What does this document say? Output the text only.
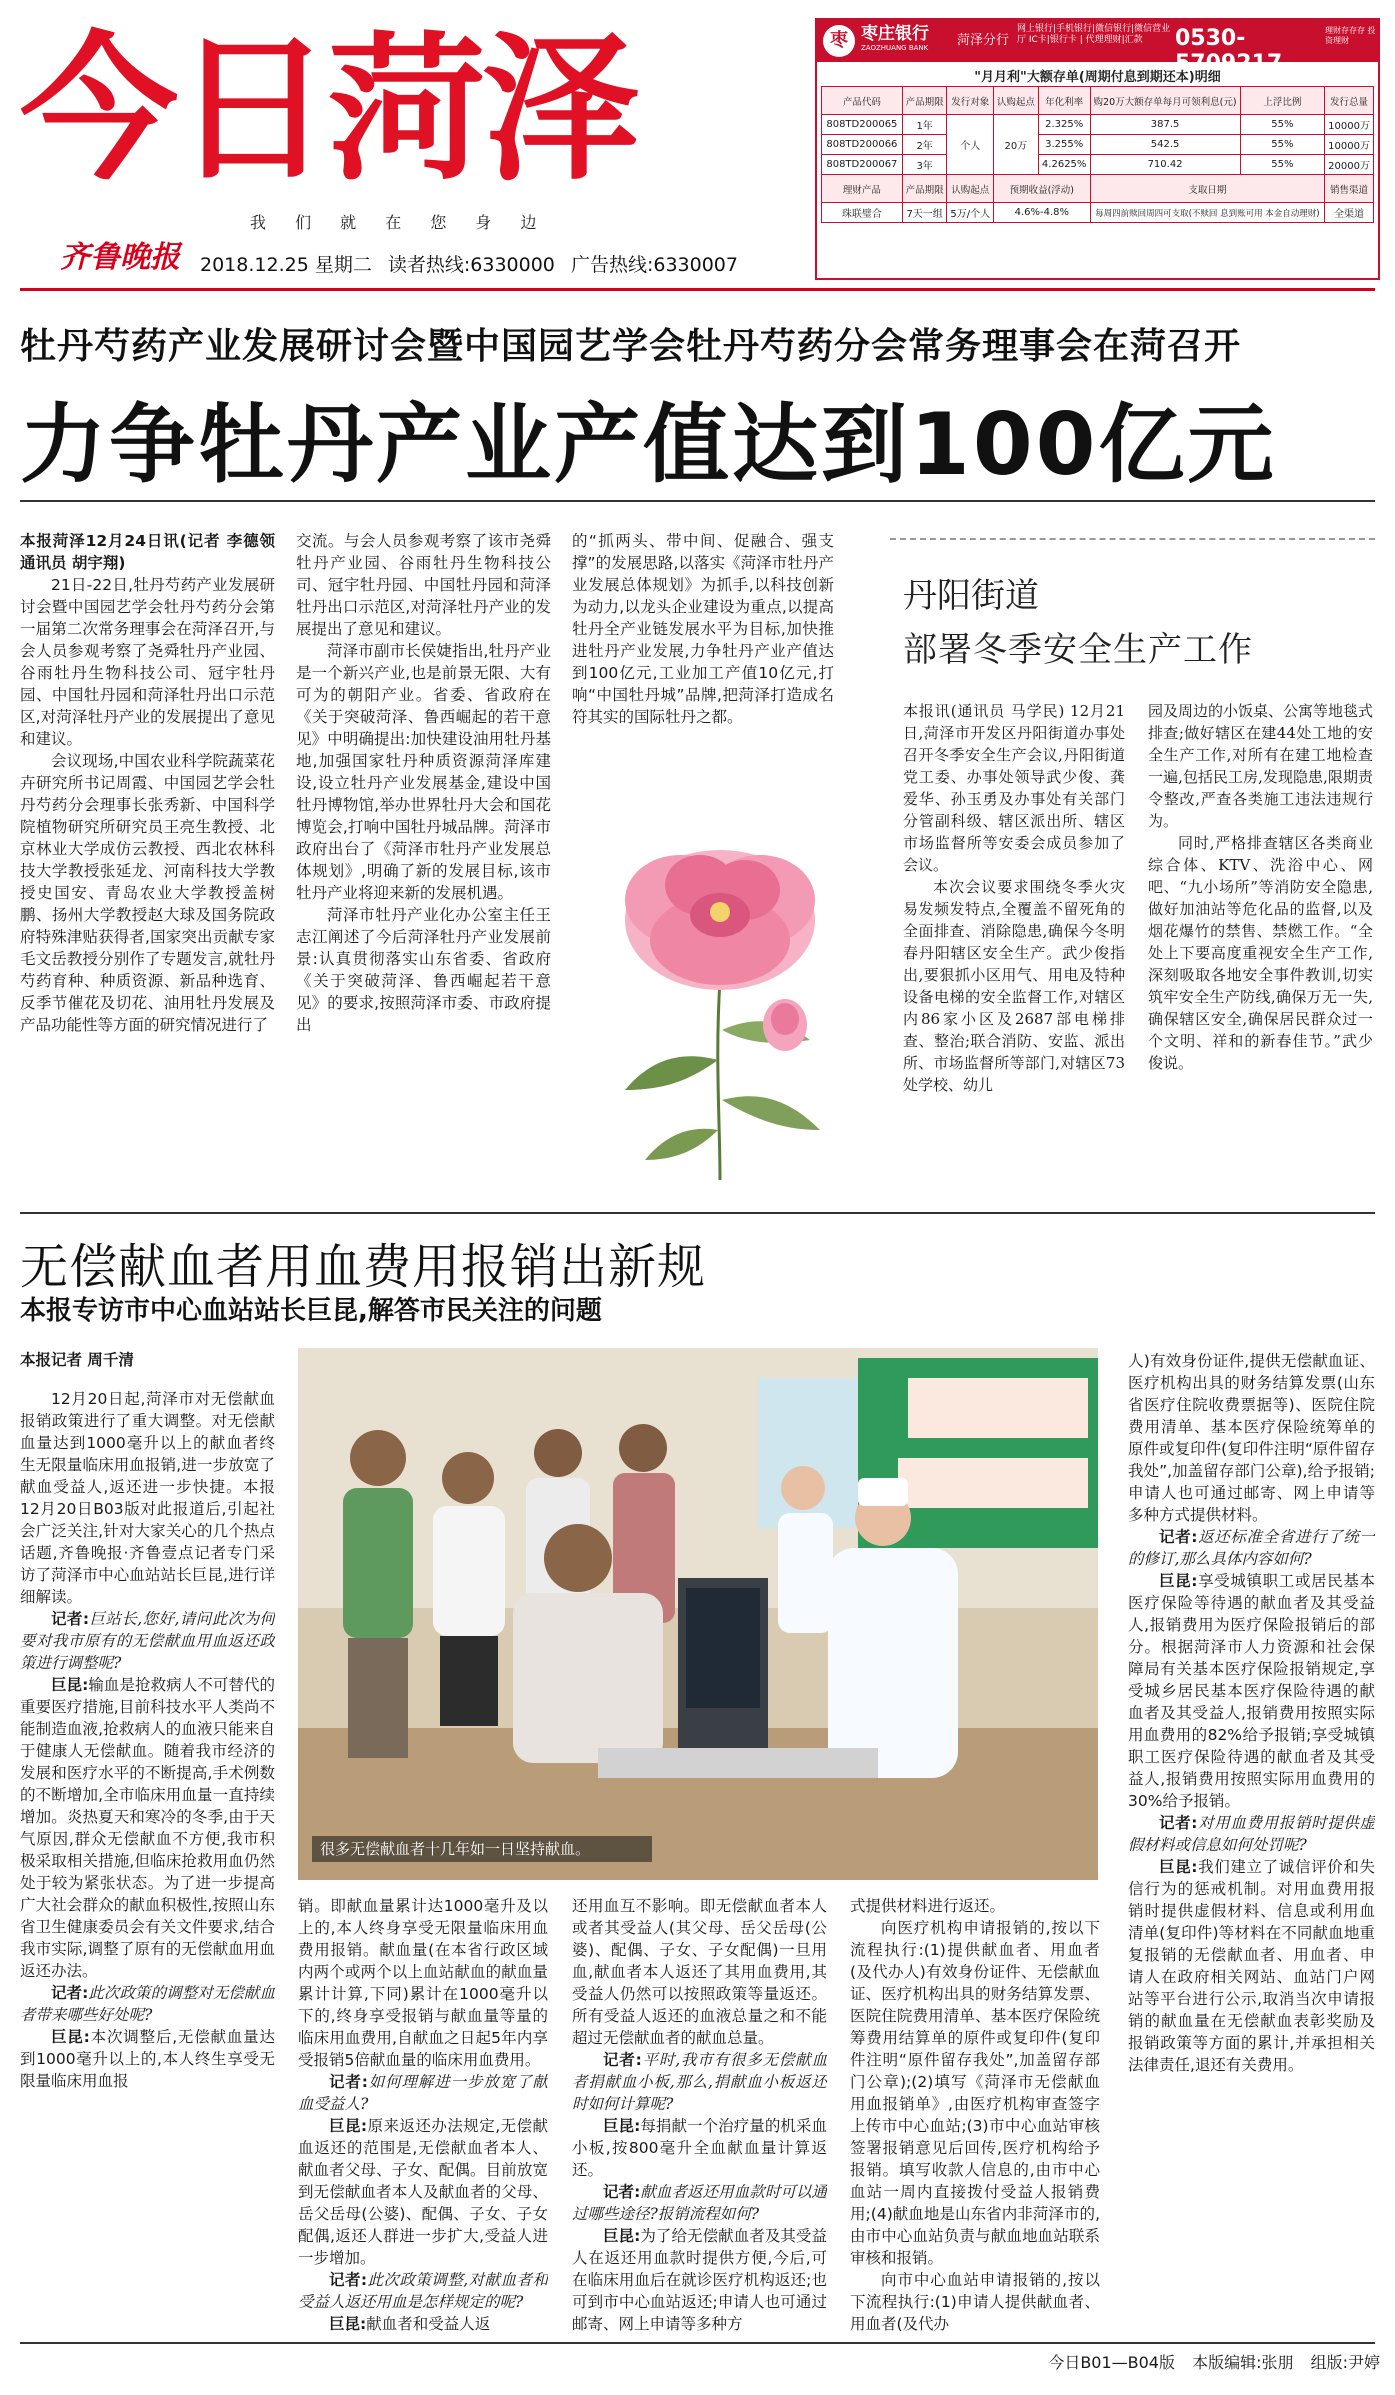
今日菏泽
我 们 就 在 您 身 边
齐鲁晚报	2018.12.25 星期二 读者热线:6330000 广告热线:6330007
枣 枣庄银行
ZAOZHUANG BANK	菏泽分行
网上银行|手机银行|微信银行|微信营业厅 IC卡|银行卡 | 代理理财|汇款	0530-5709217
理财存存存 投资理财
"月月利"大额存单(周期付息到期还本)明细
产品代码	产品期限	发行对象	认购起点	年化利率	购20万大额存单每月可领利息(元)	上浮比例	发行总量
808TD200065	1年	个人	20万	2.325%	387.5	55%	10000万
808TD200066	2年			3.255%	542.5	55%	10000万
808TD200067	3年			4.2625%	710.42	55%	20000万
理财产品	产品期限	认购起点	预期收益(浮动)		支取日期		销售渠道
珠联璧合	7天一组	5万/个人	4.6%-4.8%		每周四前赎回周四可支取(不赎回 息到账可用 本金自动理财)		全渠道
牡丹芍药产业发展研讨会暨中国园艺学会牡丹芍药分会常务理事会在菏召开
力争牡丹产业产值达到100亿元

本报菏泽12月24日讯(记者 李德领 通讯员 胡宇翔)

21日-22日,牡丹芍药产业发展研讨会暨中国园艺学会牡丹芍药分会第一届第二次常务理事会在菏泽召开,与会人员参观考察了尧舜牡丹产业园、谷雨牡丹生物科技公司、冠宇牡丹园、中国牡丹园和菏泽牡丹出口示范区,对菏泽牡丹产业的发展提出了意见和建议。

会议现场,中国农业科学院蔬菜花卉研究所书记周霞、中国园艺学会牡丹芍药分会理事长张秀新、中国科学院植物研究所研究员王亮生教授、北京林业大学成仿云教授、西北农林科技大学教授张延龙、河南科技大学教授史国安、青岛农业大学教授盖树鹏、扬州大学教授赵大球及国务院政府特殊津贴获得者,国家突出贡献专家毛文岳教授分别作了专题发言,就牡丹芍药育种、种质资源、新品种选育、反季节催花及切花、油用牡丹发展及产品功能性等方面的研究情况进行了

交流。与会人员参观考察了该市尧舜牡丹产业园、谷雨牡丹生物科技公司、冠宇牡丹园、中国牡丹园和菏泽牡丹出口示范区,对菏泽牡丹产业的发展提出了意见和建议。

菏泽市副市长侯婕指出,牡丹产业是一个新兴产业,也是前景无限、大有可为的朝阳产业。省委、省政府在《关于突破菏泽、鲁西崛起的若干意见》中明确提出:加快建设油用牡丹基地,加强国家牡丹种质资源菏泽库建设,设立牡丹产业发展基金,建设中国牡丹博物馆,举办世界牡丹大会和国花博览会,打响中国牡丹城品牌。菏泽市政府出台了《菏泽市牡丹产业发展总体规划》,明确了新的发展目标,该市牡丹产业将迎来新的发展机遇。

菏泽市牡丹产业化办公室主任王志江阐述了今后菏泽牡丹产业发展前景:认真贯彻落实山东省委、省政府《关于突破菏泽、鲁西崛起若干意见》的要求,按照菏泽市委、市政府提出

的“抓两头、带中间、促融合、强支撑”的发展思路,以落实《菏泽市牡丹产业发展总体规划》为抓手,以科技创新为动力,以龙头企业建设为重点,以提高牡丹全产业链发展水平为目标,加快推进牡丹产业发展,力争牡丹产业产值达到100亿元,工业加工产值10亿元,打响“中国牡丹城”品牌,把菏泽打造成名符其实的国际牡丹之都。

丹阳街道
部署冬季安全生产工作

本报讯(通讯员 马学民) 12月21日,菏泽市开发区丹阳街道办事处召开冬季安全生产会议,丹阳街道党工委、办事处领导武少俊、龚爱华、孙玉勇及办事处有关部门分管副科级、辖区派出所、辖区市场监督所等安委会成员参加了会议。

本次会议要求围绕冬季火灾易发频发特点,全覆盖不留死角的全面排查、消除隐患,确保今冬明春丹阳辖区安全生产。武少俊指出,要狠抓小区用气、用电及特种设备电梯的安全监督工作,对辖区内86家小区及2687部电梯排查、整治;联合消防、安监、派出所、市场监督所等部门,对辖区73处学校、幼儿

园及周边的小饭桌、公寓等地毯式排查;做好辖区在建44处工地的安全生产工作,对所有在建工地检查一遍,包括民工房,发现隐患,限期责令整改,严查各类施工违法违规行为。

同时,严格排查辖区各类商业综合体、KTV、洗浴中心、网吧、“九小场所”等消防安全隐患,做好加油站等危化品的监督,以及烟花爆竹的禁售、禁燃工作。“全处上下要高度重视安全生产工作,深刻吸取各地安全事件教训,切实筑牢安全生产防线,确保万无一失,确保辖区安全,确保居民群众过一个文明、祥和的新春佳节。”武少俊说。

无偿献血者用血费用报销出新规
本报专访市中心血站站长巨昆,解答市民关注的问题
本报记者 周千清
很多无偿献血者十几年如一日坚持献血。

12月20日起,菏泽市对无偿献血报销政策进行了重大调整。对无偿献血量达到1000毫升以上的献血者终生无限量临床用血报销,进一步放宽了献血受益人,返还进一步快捷。本报12月20日B03版对此报道后,引起社会广泛关注,针对大家关心的几个热点话题,齐鲁晚报·齐鲁壹点记者专门采访了菏泽市中心血站站长巨昆,进行详细解读。

记者:巨站长,您好,请问此次为何要对我市原有的无偿献血用血返还政策进行调整呢?

巨昆:输血是抢救病人不可替代的重要医疗措施,目前科技水平人类尚不能制造血液,抢救病人的血液只能来自于健康人无偿献血。随着我市经济的发展和医疗水平的不断提高,手术例数的不断增加,全市临床用血量一直持续增加。炎热夏天和寒冷的冬季,由于天气原因,群众无偿献血不方便,我市积极采取相关措施,但临床抢救用血仍然处于较为紧张状态。为了进一步提高广大社会群众的献血积极性,按照山东省卫生健康委员会有关文件要求,结合我市实际,调整了原有的无偿献血用血返还办法。

记者:此次政策的调整对无偿献血者带来哪些好处呢?

巨昆:本次调整后,无偿献血量达到1000毫升以上的,本人终生享受无限量临床用血报

销。即献血量累计达1000毫升及以上的,本人终身享受无限量临床用血费用报销。献血量(在本省行政区域内两个或两个以上血站献血的献血量累计计算,下同)累计在1000毫升以下的,终身享受报销与献血量等量的临床用血费用,自献血之日起5年内享受报销5倍献血量的临床用血费用。

记者:如何理解进一步放宽了献血受益人?

巨昆:原来返还办法规定,无偿献血返还的范围是,无偿献血者本人、献血者父母、子女、配偶。目前放宽到无偿献血者本人及献血者的父母、岳父岳母(公婆)、配偶、子女、子女配偶,返还人群进一步扩大,受益人进一步增加。

记者:此次政策调整,对献血者和受益人返还用血是怎样规定的呢?

巨昆:献血者和受益人返

还用血互不影响。即无偿献血者本人或者其受益人(其父母、岳父岳母(公婆)、配偶、子女、子女配偶)一旦用血,献血者本人返还了其用血费用,其受益人仍然可以按照政策等量返还。所有受益人返还的血液总量之和不能超过无偿献血者的献血总量。

记者:平时,我市有很多无偿献血者捐献血小板,那么,捐献血小板返还时如何计算呢?

巨昆:每捐献一个治疗量的机采血小板,按800毫升全血献血量计算返还。

记者:献血者返还用血款时可以通过哪些途径?报销流程如何?

巨昆:为了给无偿献血者及其受益人在返还用血款时提供方便,今后,可在临床用血后在就诊医疗机构返还;也可到市中心血站返还;申请人也可通过邮寄、网上申请等多种方

式提供材料进行返还。

向医疗机构申请报销的,按以下流程执行:(1)提供献血者、用血者(及代办人)有效身份证件、无偿献血证、医疗机构出具的财务结算发票、医院住院费用清单、基本医疗保险统筹费用结算单的原件或复印件(复印件注明“原件留存我处”,加盖留存部门公章);(2)填写《菏泽市无偿献血用血报销单》,由医疗机构审查签字上传市中心血站;(3)市中心血站审核签署报销意见后回传,医疗机构给予报销。填写收款人信息的,由市中心血站一周内直接拨付受益人报销费用;(4)献血地是山东省内非菏泽市的,由市中心血站负责与献血地血站联系审核和报销。

向市中心血站申请报销的,按以下流程执行:(1)申请人提供献血者、用血者(及代办

人)有效身份证件,提供无偿献血证、医疗机构出具的财务结算发票(山东省医疗住院收费票据等)、医院住院费用清单、基本医疗保险统筹单的原件或复印件(复印件注明“原件留存我处”,加盖留存部门公章),给予报销;申请人也可通过邮寄、网上申请等多种方式提供材料。

记者:返还标准全省进行了统一的修订,那么具体内容如何?

巨昆:享受城镇职工或居民基本医疗保险等待遇的献血者及其受益人,报销费用为医疗保险报销后的部分。根据菏泽市人力资源和社会保障局有关基本医疗保险报销规定,享受城乡居民基本医疗保险待遇的献血者及其受益人,报销费用按照实际用血费用的82%给予报销;享受城镇职工医疗保险待遇的献血者及其受益人,报销费用按照实际用血费用的30%给予报销。

记者:对用血费用报销时提供虚假材料或信息如何处罚呢?

巨昆:我们建立了诚信评价和失信行为的惩戒机制。对用血费用报销时提供虚假材料、信息或利用血清单(复印件)等材料在不同献血地重复报销的无偿献血者、用血者、申请人在政府相关网站、血站门户网站等平台进行公示,取消当次申请报销的献血量在无偿献血表彰奖励及报销政策等方面的累计,并承担相关法律责任,退还有关费用。

今日B01—B04版 本版编辑:张朋 组版:尹婷
